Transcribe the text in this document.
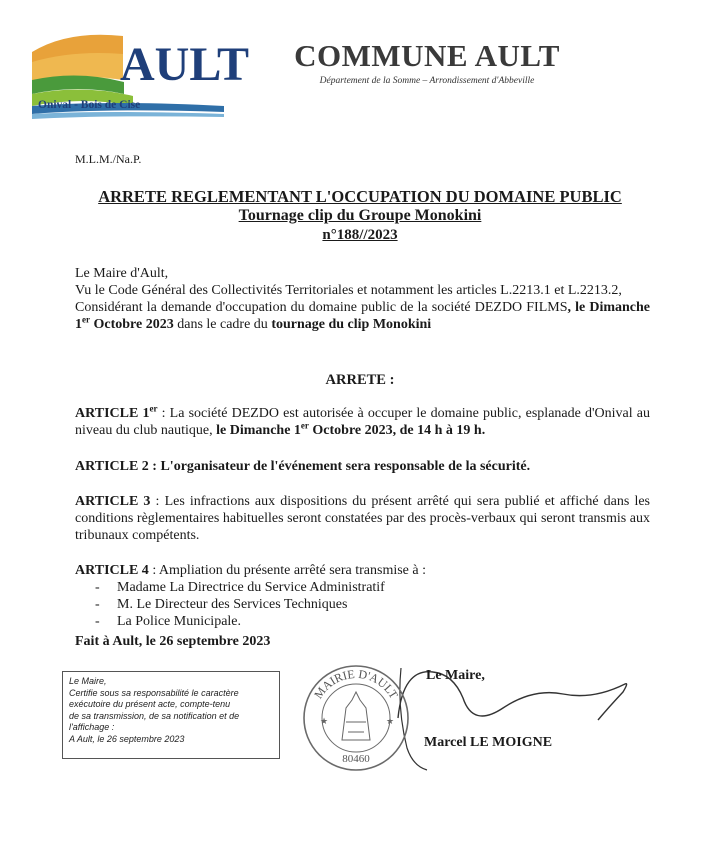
AULT
Onival - Bois de Cise
COMMUNE AULT
Département de la Somme – Arrondissement d'Abbeville
M.L.M./Na.P.
ARRETE REGLEMENTANT L'OCCUPATION DU DOMAINE PUBLIC
Tournage clip du Groupe Monokini
n°188//2023
Le Maire d'Ault,
Vu le Code Général des Collectivités Territoriales et notamment les articles L.2213.1 et L.2213.2,
Considérant la demande d'occupation du domaine public de la société DEZDO FILMS, le Dimanche 1er Octobre 2023 dans le cadre du tournage du clip Monokini
ARRETE :
ARTICLE 1er : La société DEZDO est autorisée à occuper le domaine public, esplanade d'Onival au niveau du club nautique, le Dimanche 1er Octobre 2023, de 14 h à 19 h.
ARTICLE 2 : L'organisateur de l'événement sera responsable de la sécurité.
ARTICLE 3 : Les infractions aux dispositions du présent arrêté qui sera publié et affiché dans les conditions règlementaires habituelles seront constatées par des procès-verbaux qui seront transmis aux tribunaux compétents.
ARTICLE 4 : Ampliation du présente arrêté sera transmise à :
- Madame La Directrice du Service Administratif
- M. Le Directeur des Services Techniques
- La Police Municipale.
Fait à Ault, le 26 septembre 2023
Le Maire,
Certifie sous sa responsabilité le caractère
exécutoire du présent acte, compte-tenu
de sa transmission, de sa notification et de
l'affichage :
A Ault, le 26 septembre 2023
MAIRIE D'AULT
★	★
80460
Le Maire,
Marcel LE MOIGNE
